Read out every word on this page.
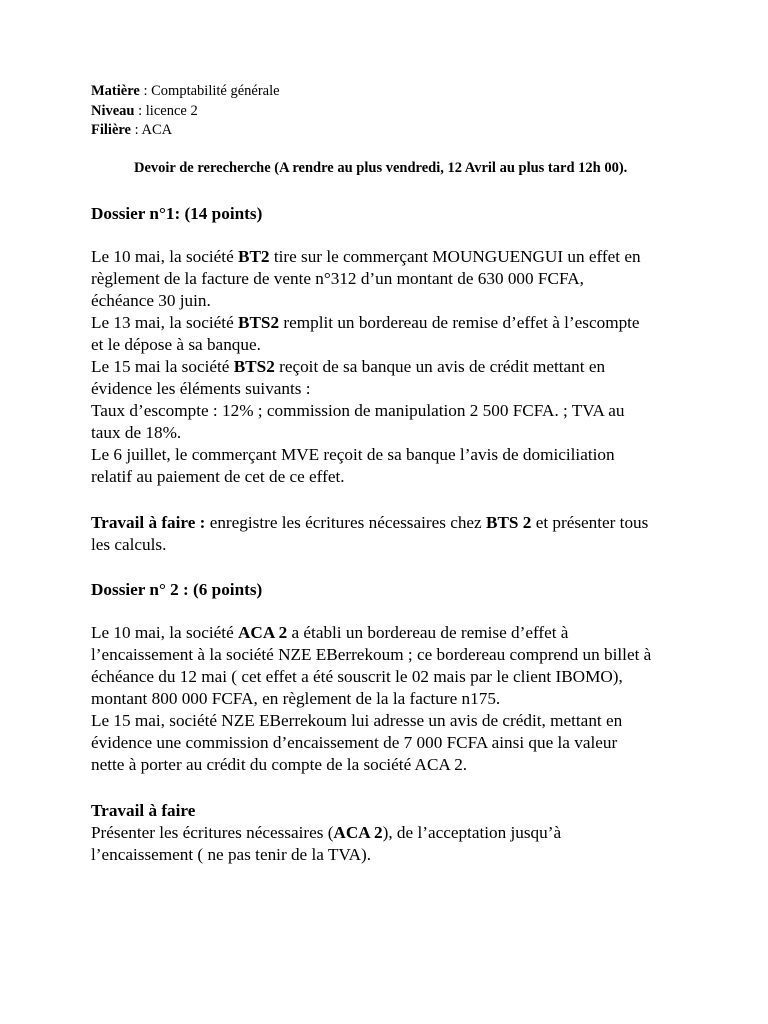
Matière : Comptabilité générale
Niveau : licence 2
Filière : ACA
Devoir de rerecherche (A rendre au plus vendredi, 12 Avril au plus tard 12h 00).
Dossier n°1: (14 points)
Le 10 mai, la société BT2 tire sur le commerçant MOUNGUENGUI un effet en
règlement de la facture de vente n°312 d’un montant de 630 000 FCFA,
échéance 30 juin.
Le 13 mai, la société BTS2 remplit un bordereau de remise d’effet à l’escompte
et le dépose à sa banque.
Le 15 mai la société BTS2 reçoit de sa banque un avis de crédit mettant en
évidence les éléments suivants :
Taux d’escompte : 12% ; commission de manipulation 2 500 FCFA. ; TVA au
taux de 18%.
Le 6 juillet, le commerçant MVE reçoit de sa banque l’avis de domiciliation
relatif au paiement de cet de ce effet.
Travail à faire : enregistre les écritures nécessaires chez BTS 2 et présenter tous
les calculs.
Dossier n° 2 : (6 points)
Le 10 mai, la société ACA 2 a établi un bordereau de remise d’effet à
l’encaissement à la société NZE EBerrekoum ; ce bordereau comprend un billet à
échéance du 12 mai ( cet effet a été souscrit le 02 mais par le client IBOMO),
montant 800 000 FCFA, en règlement de la la facture n175.
Le 15 mai, société NZE EBerrekoum lui adresse un avis de crédit, mettant en
évidence une commission d’encaissement de 7 000 FCFA ainsi que la valeur
nette à porter au crédit du compte de la société ACA 2.
Travail à faire
Présenter les écritures nécessaires (ACA 2), de l’acceptation jusqu’à
l’encaissement ( ne pas tenir de la TVA).
